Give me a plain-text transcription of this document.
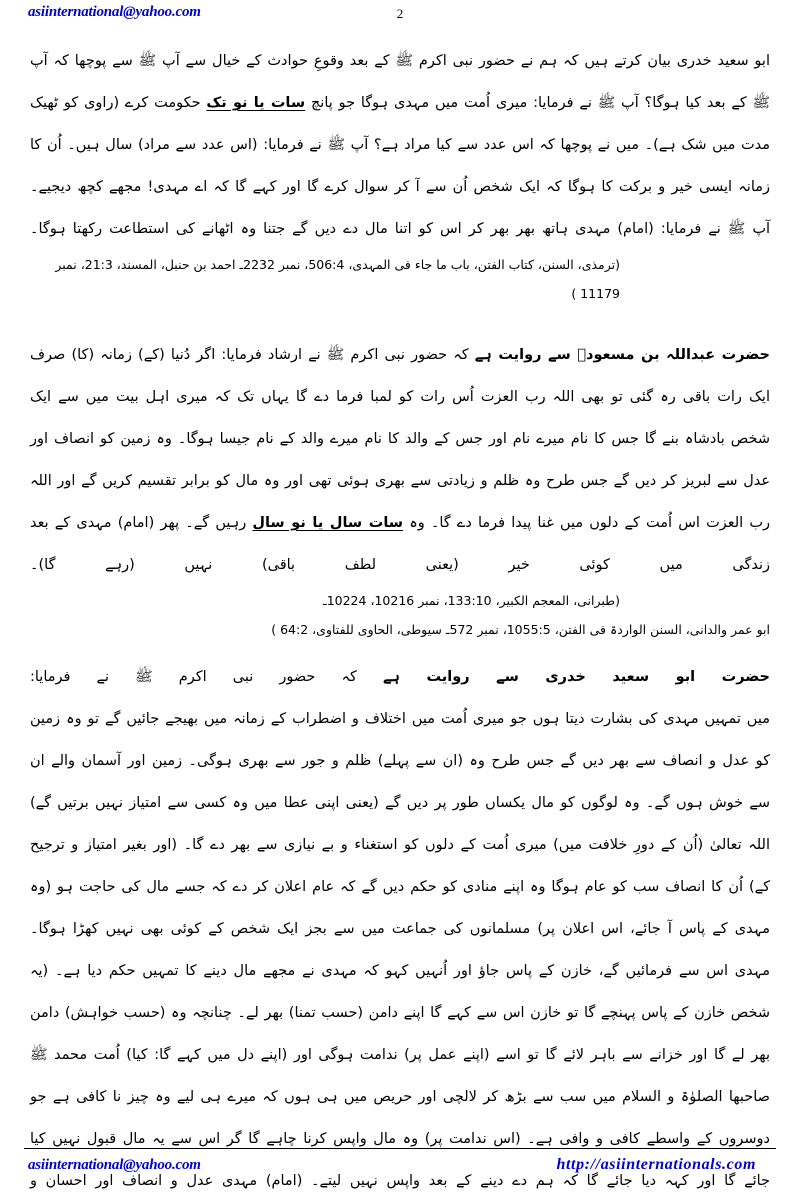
asiinternational@yahoo.com	2
ابو سعید خدری بیان کرتے ہیں کہ ہم نے حضور نبی اکرم ﷺ کے بعد وقوعِ حوادث کے خیال سے آپ ﷺ سے پوچھا کہ آپ ﷺ کے بعد کیا ہوگا؟ آپ ﷺ نے فرمایا: میری اُمت میں مہدی ہوگا جو پانچ سات یا نو تک حکومت کرے (راوی کو ٹھیک مدت میں شک ہے)۔ میں نے پوچھا کہ اس عدد سے کیا مراد ہے؟ آپ ﷺ نے فرمایا: (اس عدد سے مراد) سال ہیں۔ اُن کا زمانہ ایسی خیر و برکت کا ہوگا کہ ایک شخص اُن سے آ کر سوال کرے گا اور کہے گا کہ اے مہدی! مجھے کچھ دیجیے۔ آپ ﷺ نے فرمایا: (امام) مہدی ہاتھ بھر بھر کر اس کو اتنا مال دے دیں گے جتنا وہ اٹھانے کی استطاعت رکھتا ہوگا۔
(ترمذی، السنن، کتاب الفتن، باب ما جاء فی المہدی، 506:4، نمبر 2232ـ احمد بن حنبل، المسند، 21:3، نمبر 11179 )
حضرت عبداللہ بن مسعودؓ سے روایت ہے کہ حضور نبی اکرم ﷺ نے ارشاد فرمایا: اگر دُنیا (کے) زمانہ (کا) صرف ایک رات باقی رہ گئی تو بھی اللہ رب العزت اُس رات کو لمبا فرما دے گا یہاں تک کہ میری اہل بیت میں سے ایک شخص بادشاہ بنے گا جس کا نام میرے نام اور جس کے والد کا نام میرے والد کے نام جیسا ہوگا۔ وہ زمین کو انصاف اور عدل سے لبریز کر دیں گے جس طرح وہ ظلم و زیادتی سے بھری ہوئی تھی اور وہ مال کو برابر تقسیم کریں گے اور اللہ رب العزت اس اُمت کے دلوں میں غنا پیدا فرما دے گا۔ وہ سات سال یا نو سال رہیں گے۔ پھر (امام) مہدی کے بعد زندگی میں کوئی خیر (یعنی لطف باقی) نہیں (رہے گا)۔
(طبرانی، المعجم الکبیر، 133:10، نمبر 10216، 10224ـ
ابو عمر والدانی، السنن الواردۃ فی الفتن، 1055:5، نمبر 572ـ سیوطی، الحاوی للفتاوی، 64:2 )
حضرت ابو سعید خدری سے روایت ہے کہ حضور نبی اکرم ﷺ نے فرمایا:
میں تمہیں مہدی کی بشارت دیتا ہوں جو میری اُمت میں اختلاف و اضطراب کے زمانہ میں بھیجے جائیں گے تو وہ زمین کو عدل و انصاف سے بھر دیں گے جس طرح وہ (ان سے پہلے) ظلم و جور سے بھری ہوگی۔ زمین اور آسمان والے ان سے خوش ہوں گے۔ وہ لوگوں کو مال یکساں طور پر دیں گے (یعنی اپنی عطا میں وہ کسی سے امتیاز نہیں برتیں گے) اللہ تعالیٰ (اُن کے دورِ خلافت میں) میری اُمت کے دلوں کو استغناء و بے نیازی سے بھر دے گا۔ (اور بغیر امتیاز و ترجیح کے) اُن کا انصاف سب کو عام ہوگا وہ اپنے منادی کو حکم دیں گے کہ عام اعلان کر دے کہ جسے مال کی حاجت ہو (وہ مہدی کے پاس آ جائے، اس اعلان پر) مسلمانوں کی جماعت میں سے بجز ایک شخص کے کوئی بھی نہیں کھڑا ہوگا۔ مہدی اس سے فرمائیں گے، خازن کے پاس جاؤ اور اُنہیں کہو کہ مہدی نے مجھے مال دینے کا تمہیں حکم دیا ہے۔ (یہ شخص خازن کے پاس پہنچے گا تو خازن اس سے کہے گا اپنے دامن (حسب تمنا) بھر لے۔ چنانچہ وہ (حسب خواہش) دامن بھر لے گا اور خزانے سے باہر لائے گا تو اسے (اپنے عمل پر) ندامت ہوگی اور (اپنے دل میں کہے گا: کیا) اُمت محمد ﷺ صاحبها الصلوٰۃ و السلام میں سب سے بڑھ کر لالچی اور حریص میں ہی ہوں کہ میرے ہی لیے وہ چیز نا کافی ہے جو دوسروں کے واسطے کافی و وافی ہے۔ (اس ندامت پر) وہ مال واپس کرنا چاہے گا گر اس سے یہ مال قبول نہیں کیا جائے گا اور کہہ دیا جائے گا کہ ہم دے دینے کے بعد واپس نہیں لیتے۔ (امام) مہدی عدل و انصاف اور احسان و
asiinternational@yahoo.com	http://asiinternationals.com
